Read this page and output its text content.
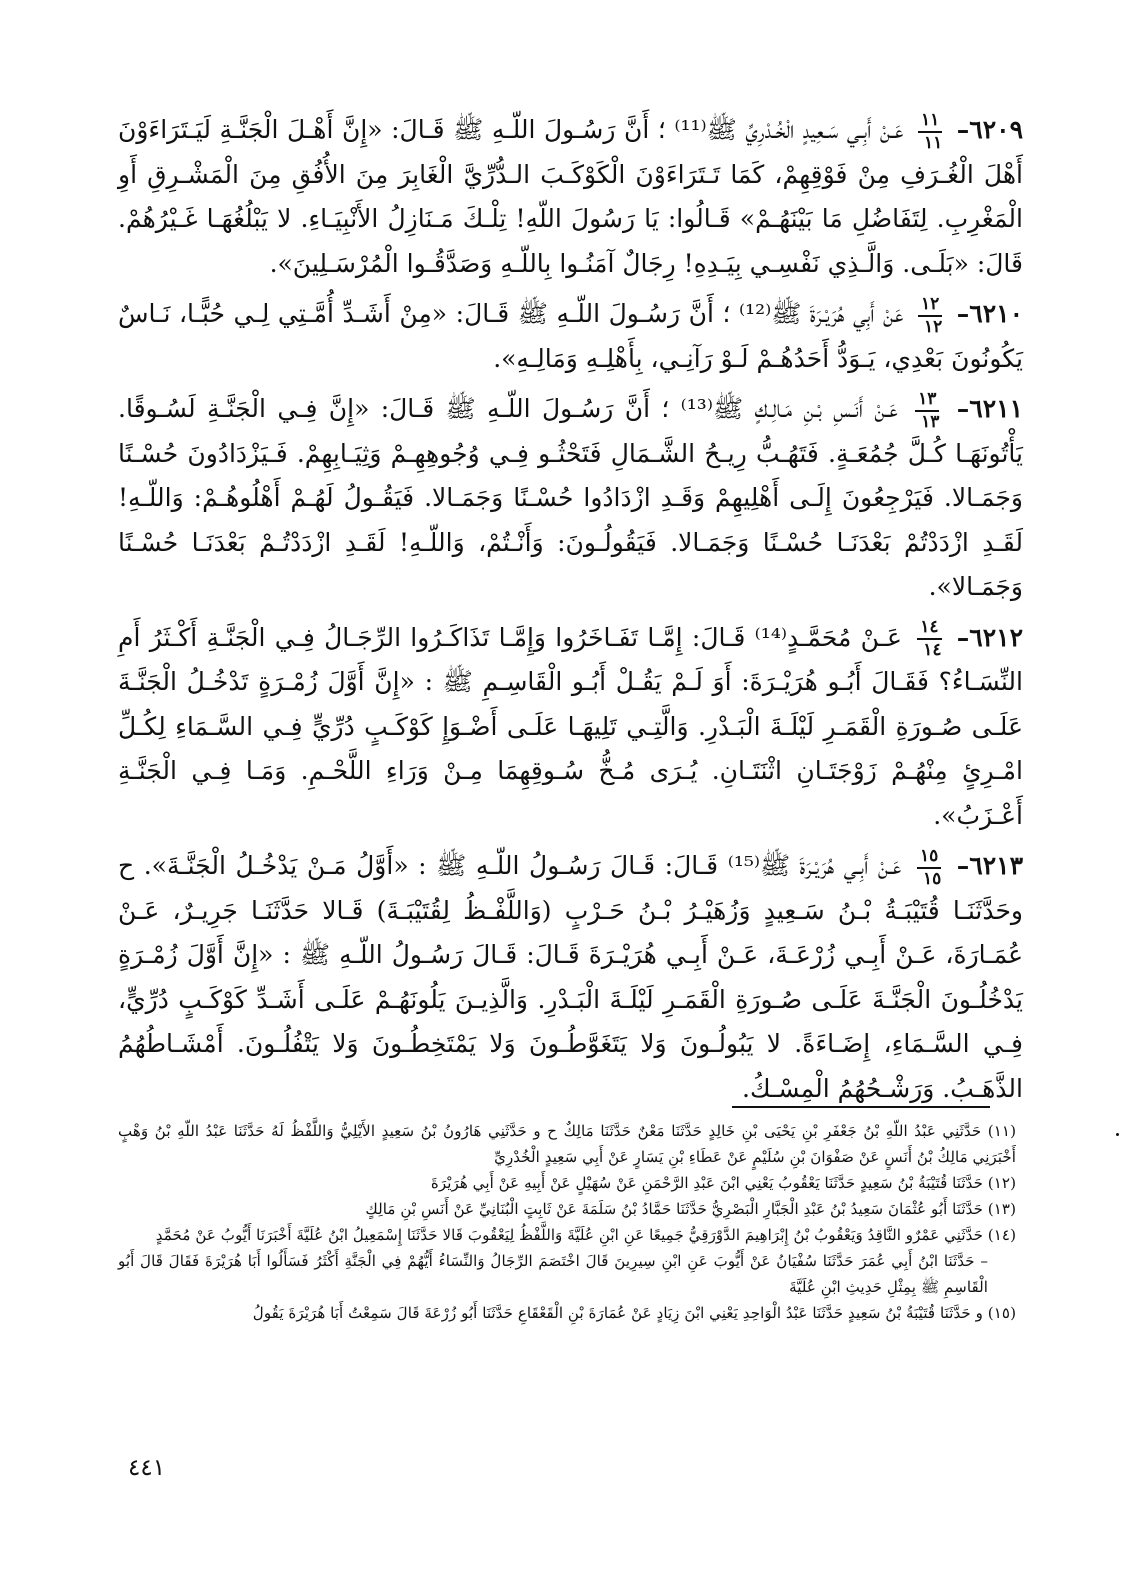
٦٢٠٩–
$\frac{١١}{١١}$
عَـنْ أَبِـي سَـعِيدٍ الْخُـدْرِيِّ ﷺ⁽¹¹⁾ ؛ أَنَّ رَسُـولَ اللّـهِ ﷺ قَـالَ: «إِنَّ أَهْـلَ الْجَنَّـةِ لَيَـتَرَاءَوْنَ أَهْلَ الْغُـرَفِ مِنْ فَوْقِهِمْ، كَمَا تَـتَرَاءَوْنَ الْكَوْكَـبَ الـدُّرِّيَّ الْغَابِرَ مِنَ الأُفُقِ مِنَ الْمَشْـرِقِ أَوِ الْمَغْرِبِ. لِتَفَاضُلِ مَا بَيْنَهُـمْ» قَـالُوا: يَا رَسُولَ اللّهِ! تِلْـكَ مَـنَازِلُ الأَنْبِيَـاءِ. لا يَبْلُغُهَـا غَـيْرُهُمْ. قَالَ: «بَلَـى. وَالَّـذِي نَفْسِـي بِيَـدِهِ! رِجَالٌ آمَنُـوا بِاللّـهِ وَصَدَّقُـوا الْمُرْسَـلِينَ».

٦٢١٠–
$\frac{١٢}{١٢}$
عَنْ أَبِي هُرَيْـرَةَ ﷺ⁽¹²⁾ ؛ أَنَّ رَسُـولَ اللّـهِ ﷺ قَـالَ: «مِنْ أَشَـدِّ أُمَّـتِي لِـي حُبًّـا، نَـاسٌ يَكُونُونَ بَعْدِي، يَـوَدُّ أَحَدُهُـمْ لَـوْ رَآنِـي، بِأَهْلِـهِ وَمَالِـهِ».

٦٢١١–
$\frac{١٣}{١٣}$
عَـنْ أَنَـسِ بْـنِ مَـالِـكٍ ﷺ⁽¹³⁾ ؛ أَنَّ رَسُـولَ اللّـهِ ﷺ قَـالَ: «إِنَّ فِـي الْجَنَّـةِ لَسُـوقًا. يَأْتُونَهَـا كُـلَّ جُمُعَـةٍ. فَتَهُـبُّ رِيـحُ الشَّـمَالِ فَتَحْثُـو فِـي وُجُوهِهِـمْ وَثِيَـابِهِمْ. فَـيَزْدَادُونَ حُسْـنًا وَجَمَـالا. فَيَرْجِعُونَ إِلَـى أَهْلِيهِمْ وَقَـدِ ازْدَادُوا حُسْـنًا وَجَمَـالا. فَيَقُـولُ لَهُـمْ أَهْلُوهُـمْ: وَاللّـهِ! لَقَـدِ ازْدَدْتُمْ بَعْدَنَـا حُسْـنًا وَجَمَـالا. فَيَقُولُـونَ: وَأَنْـتُمْ، وَاللّـهِ! لَقَـدِ ازْدَدْتُـمْ بَعْدَنَـا حُسْـنًا وَجَمَـالا».

٦٢١٢–
$\frac{١٤}{١٤}$
عَـنْ مُحَمَّـدٍ⁽¹⁴⁾ قَـالَ: إِمَّـا تَفَـاخَرُوا وَإِمَّـا تَذَاكَـرُوا الرِّجَـالُ فِـي الْجَنَّـةِ أَكْـثَرُ أَمِ النِّسَـاءُ؟ فَقَـالَ أَبُـو هُرَيْـرَةَ: أَوَ لَـمْ يَقُـلْ أَبُـو الْقَاسِـمِ ﷺ : «إِنَّ أَوَّلَ زُمْـرَةٍ تَدْخُـلُ الْجَنَّـةَ عَلَـى صُـورَةِ الْقَمَـرِ لَيْلَـةَ الْبَـدْرِ. وَالَّتِـي تَلِيهَـا عَلَـى أَضْـوَإِ كَوْكَـبٍ دُرِّيٍّ فِـي السَّـمَاءِ لِكُـلِّ امْـرِئٍ مِنْهُـمْ زَوْجَتَـانِ اثْنَتَـانِ. يُـرَى مُـخُّ سُـوقِهِمَا مِـنْ وَرَاءِ اللَّحْـمِ. وَمَـا فِـي الْجَنَّـةِ أَعْـزَبُ».

٦٢١٣–
$\frac{١٥}{١٥}$
عَـنْ أَبِـي هُرَيْـرَةَ ﷺ⁽¹⁵⁾ قَـالَ: قَـالَ رَسُـولُ اللّـهِ ﷺ : «أَوَّلُ مَـنْ يَدْخُـلُ الْجَنَّـةَ». ح وحَدَّثَنَـا قُتَيْبَـةُ بْـنُ سَـعِيدٍ وَزُهَيْـرُ بْـنُ حَـرْبٍ (وَاللَّفْـظُ لِقُتَيْبَـةَ) قَـالا حَدَّثَنَـا جَرِيـرٌ، عَـنْ عُمَـارَةَ، عَـنْ أَبِـي زُرْعَـةَ، عَـنْ أَبِـي هُرَيْـرَةَ قَـالَ: قَـالَ رَسُـولُ اللّـهِ ﷺ : «إِنَّ أَوَّلَ زُمْـرَةٍ يَدْخُلُـونَ الْجَنَّـةَ عَلَـى صُـورَةِ الْقَمَـرِ لَيْلَـةَ الْبَـدْرِ. وَالَّذِيـنَ يَلُونَهُـمْ عَلَـى أَشَـدِّ كَوْكَـبٍ دُرِّيٍّ، فِـي السَّـمَاءِ، إِضَـاءَةً. لا يَبُولُـونَ وَلا يَتَغَوَّطُـونَ وَلا يَمْتَخِطُـونَ وَلا يَتْفُلُـونَ. أَمْشَـاطُهُمُ الذَّهَـبُ. وَرَشْـحُهُمُ الْمِسْـكُ.

(١١) حَدَّثَنِي عَبْدُ اللّهِ بْنُ جَعْفَرِ بْنِ يَحْيَى بْنِ خَالِدٍ حَدَّثَنَا مَعْنٌ حَدَّثَنَا مَالِكٌ ح و حَدَّثَنِي هَارُونُ بْنُ سَعِيدٍ الأَيْلِيُّ وَاللَّفْظُ لَهُ حَدَّثَنَا عَبْدُ اللّهِ بْنُ وَهْبٍ أَخْبَرَنِي مَالِكُ بْنُ أَنَسٍ عَنْ صَفْوَانَ بْنِ سُلَيْمٍ عَنْ عَطَاءِ بْنِ يَسَارٍ عَنْ أَبِي سَعِيدٍ الْخُدْرِيِّ

(١٢) حَدَّثَنَا قُتَيْبَةُ بْنُ سَعِيدٍ حَدَّثَنَا يَعْقُوبُ يَعْنِي ابْنَ عَبْدِ الرَّحْمَنِ عَنْ سُهَيْلٍ عَنْ أَبِيهِ عَنْ أَبِي هُرَيْرَةَ

(١٣) حَدَّثَنَا أَبُو عُثْمَانَ سَعِيدُ بْنُ عَبْدِ الْجَبَّارِ الْبَصْرِيُّ حَدَّثَنَا حَمَّادُ بْنُ سَلَمَةَ عَنْ ثَابِتٍ الْبُنَانِيِّ عَنْ أَنَسِ بْنِ مَالِكٍ

(١٤) حَدَّثَنِي عَمْرٌو النَّاقِدُ وَيَعْقُوبُ بْنُ إِبْرَاهِيمَ الدَّوْرَقِيُّ جَمِيعًا عَنِ ابْنِ عُلَيَّةَ وَاللَّفْظُ لِيَعْقُوبَ قَالا حَدَّثَنَا إِسْمَعِيلُ ابْنُ عُلَيَّةَ أَخْبَرَنَا أَيُّوبُ عَنْ مُحَمَّدٍ

– حَدَّثَنَا ابْنُ أَبِي عُمَرَ حَدَّثَنَا سُفْيَانُ عَنْ أَيُّوبَ عَنِ ابْنِ سِيرِينَ قَالَ اخْتَصَمَ الرِّجَالُ وَالنِّسَاءُ أَيُّهُمْ فِي الْجَنَّةِ أَكْثَرُ فَسَأَلُوا أَبَا هُرَيْرَةَ فَقَالَ قَالَ أَبُو الْقَاسِمِ ﷺ بِمِثْلِ حَدِيثِ ابْنِ عُلَيَّةَ

(١٥) و حَدَّثَنَا قُتَيْبَةُ بْنُ سَعِيدٍ حَدَّثَنَا عَبْدُ الْوَاحِدِ يَعْنِي ابْنَ زِيَادٍ عَنْ عُمَارَةَ بْنِ الْقَعْقَاعِ حَدَّثَنَا أَبُو زُرْعَةَ قَالَ سَمِعْتُ أَبَا هُرَيْرَةَ يَقُولُ

٤٤١
